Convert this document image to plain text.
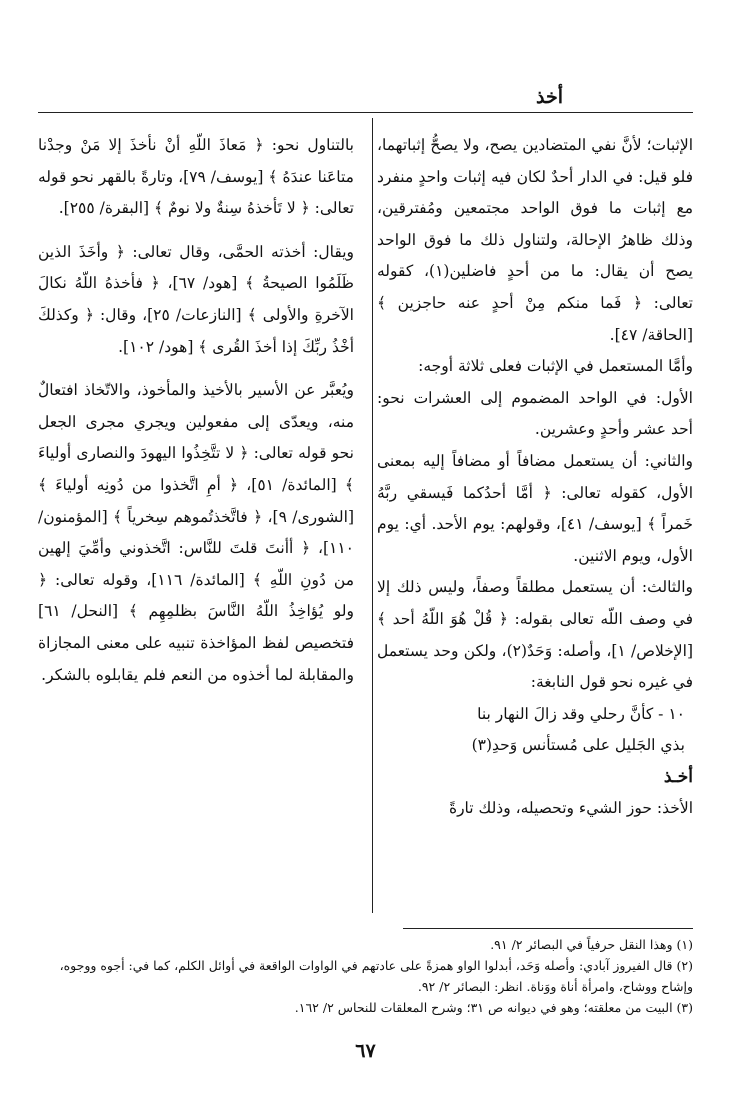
أخذ

الإثبات؛ لأنَّ نفي المتضادين يصح، ولا يصحُّ إثباتهما، فلو قيل: في الدار أحدٌ لكان فيه إثبات واحدٍ منفرد مع إثبات ما فوق الواحد مجتمعين ومُفترقين، وذلك ظاهرُ الإحالة، ولتناول ذلك ما فوق الواحد يصح أن يقال: ما من أحدٍ فاضلين(١)، كقوله تعالى: ﴿ فَما منكم مِنْ أحدٍ عنه حاجزين ﴾ [الحاقة/ ٤٧].

وأمَّا المستعمل في الإثبات فعلى ثلاثة أوجه:

الأول: في الواحد المضموم إلى العشرات نحو: أحد عشر وأحدٍ وعشرين.

والثاني: أن يستعمل مضافاً أو مضافاً إليه بمعنى الأول، كقوله تعالى: ﴿ أمَّا أحدُكما فَيسقي ربَّهُ خَمراً ﴾ [يوسف/ ٤١]، وقولهم: يوم الأحد. أي: يوم الأول، ويوم الاثنين.

والثالث: أن يستعمل مطلقاً وصفاً، وليس ذلك إلا في وصف اللّه تعالى بقوله: ﴿ قُلْ هُوَ اللّهُ أحد ﴾ [الإخلاص/ ١]، وأصله: وَحَدٌ(٢)، ولكن وحد يستعمل في غيره نحو قول النابغة:

١٠ - كأنَّ رحلي وقد زالَ النهار بنا

بذي الجَليل على مُستأنس وَحدِ(٣)

أخـذ

الأخذ: حوز الشيء وتحصيله، وذلك تارةً

بالتناول نحو: ﴿ مَعاذَ اللّهِ أنْ نأخذَ إلا مَنْ وجدْنا متاعَنا عندَهُ ﴾ [يوسف/ ٧٩]، وتارةً بالقهر نحو قوله تعالى: ﴿ لا تَأخذهُ سِنةٌ ولا نومٌ ﴾ [البقرة/ ٢٥٥].

ويقال: أخذته الحمَّى، وقال تعالى: ﴿ وأخَذَ الذين ظَلَمُوا الصيحةُ ﴾ [هود/ ٦٧]، ﴿ فأخذهُ اللّهُ نكالَ الآخرةِ والأولى ﴾ [النازعات/ ٢٥]، وقال: ﴿ وكذلكَ أخْذُ ربِّكَ إذا أخذَ القُرى ﴾ [هود/ ١٠٢].

ويُعبَّر عن الأسير بالأخيذ والمأخوذ، والاتّخاذ افتعالٌ منه، ويعدّى إلى مفعولين ويجري مجرى الجعل نحو قوله تعالى: ﴿ لا تتَّخِذُوا اليهودَ والنصارى أولياءَ ﴾ [المائدة/ ٥١]، ﴿ أمِ اتَّخذوا من دُونِه أولياءَ ﴾ [الشورى/ ٩]، ﴿ فاتَّخذتُموهم سِخرياً ﴾ [المؤمنون/ ١١٠]، ﴿ أأنتَ قلتَ للنَّاس: اتَّخذوني وأمِّيَ إلهين من دُونِ اللّهِ ﴾ [المائدة/ ١١٦]، وقوله تعالى: ﴿ ولو يُؤاخِذُ اللّهُ النَّاسَ بظلمِهِم ﴾ [النحل/ ٦١] فتخصيص لفظ المؤاخذة تنبيه على معنى المجازاة والمقابلة لما أخذوه من النعم فلم يقابلوه بالشكر.

(١) وهذا النقل حرفياً في البصائر ٢/ ٩١.

(٢) قال الفيروز آبادي: وأصله وَحَد، أبدلوا الواو همزةً على عادتهم في الواوات الواقعة في أوائل الكلم، كما في: أجوه ووجوه، وإشاح ووشاح، وامرأة أناة ووَناة. انظر: البصائر ٢/ ٩٢.

(٣) البيت من معلقته؛ وهو في ديوانه ص ٣١؛ وشرح المعلقات للنحاس ٢/ ١٦٢.

٦٧
